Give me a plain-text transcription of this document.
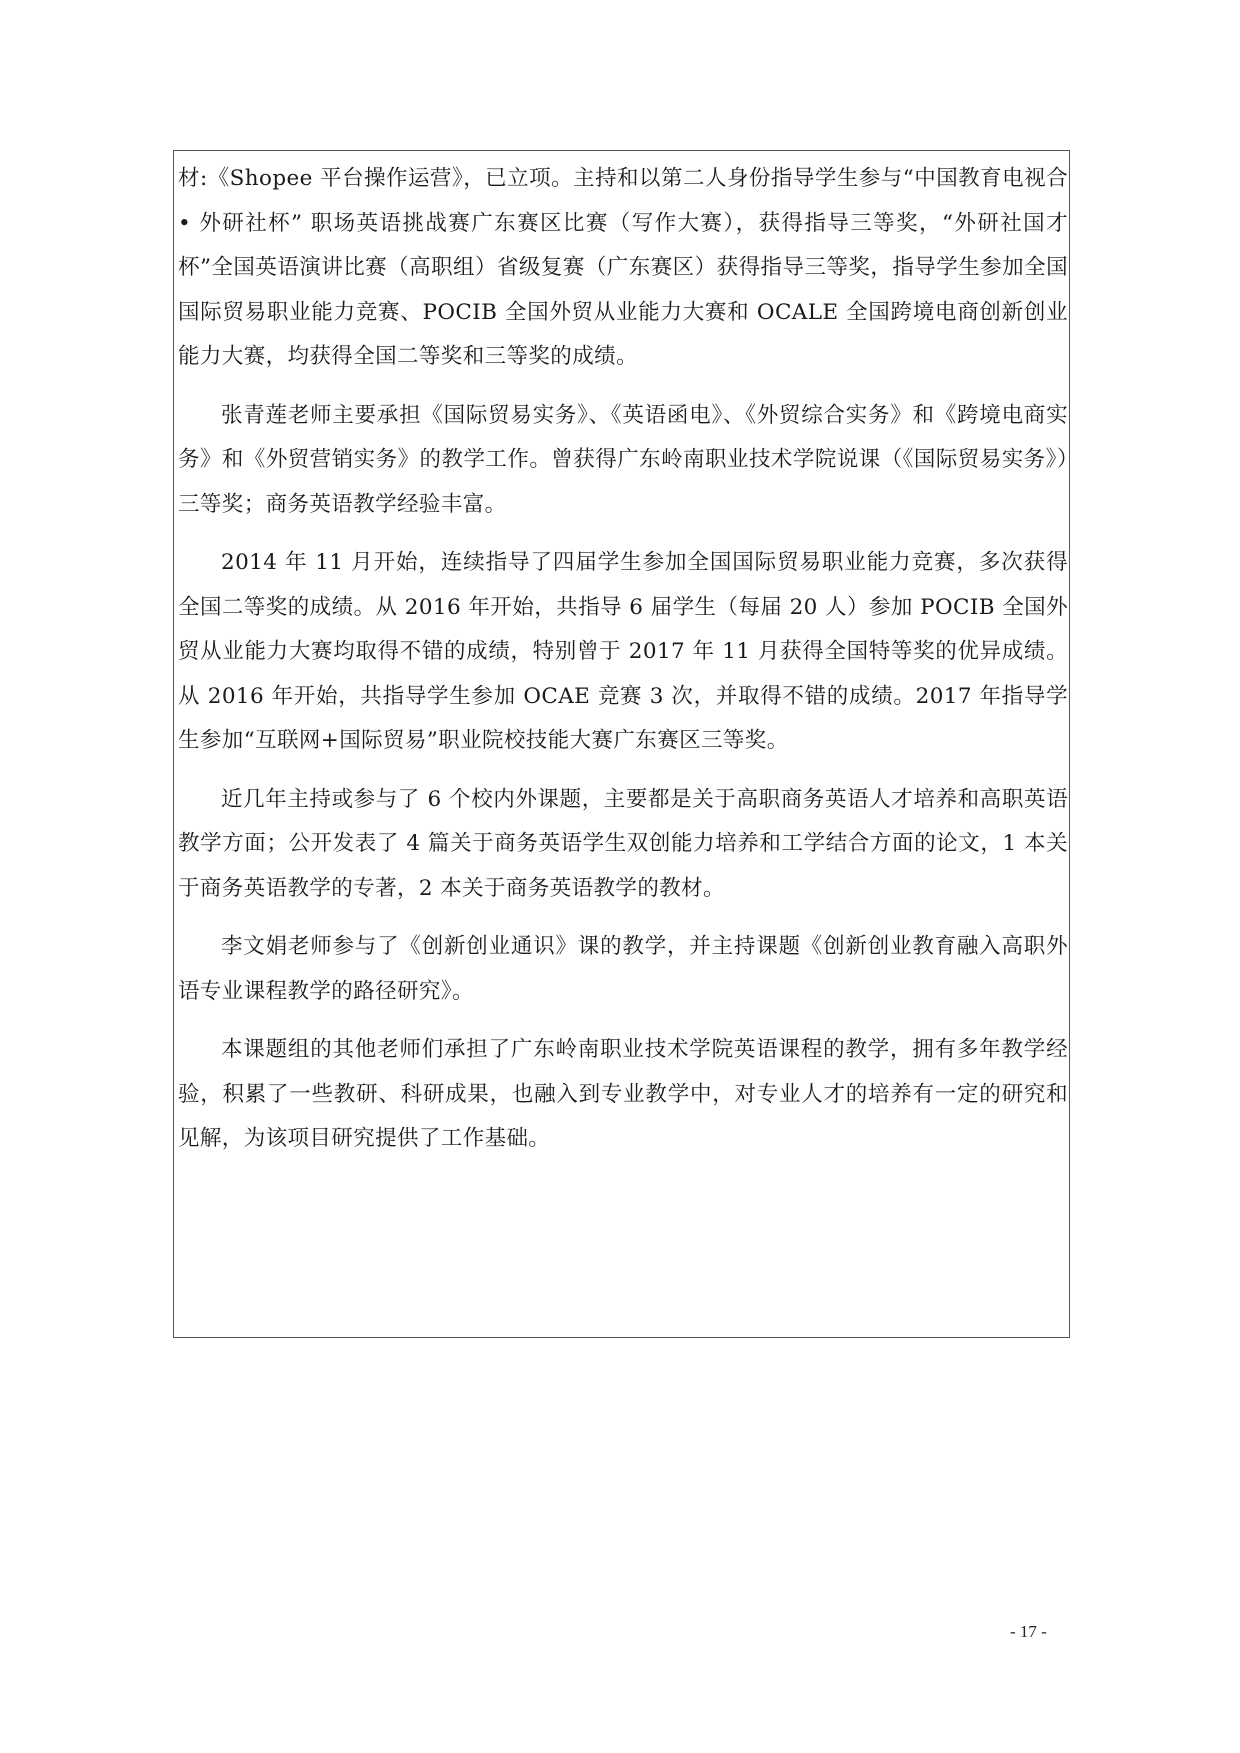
材:《Shopee 平台操作运营》，已立项。主持和以第二人身份指导学生参与“中国教育电视合• 外研社杯” 职场英语挑战赛广东赛区比赛（写作大赛），获得指导三等奖，“外研社国才杯”全国英语演讲比赛（高职组）省级复赛（广东赛区）获得指导三等奖，指导学生参加全国国际贸易职业能力竞赛、POCIB 全国外贸从业能力大赛和 OCALE 全国跨境电商创新创业能力大赛，均获得全国二等奖和三等奖的成绩。

张青莲老师主要承担《国际贸易实务》、《英语函电》、《外贸综合实务》和《跨境电商实务》和《外贸营销实务》的教学工作。曾获得广东岭南职业技术学院说课（《国际贸易实务》）三等奖；商务英语教学经验丰富。

2014 年 11 月开始，连续指导了四届学生参加全国国际贸易职业能力竞赛，多次获得全国二等奖的成绩。从 2016 年开始，共指导 6 届学生（每届 20 人）参加 POCIB 全国外贸从业能力大赛均取得不错的成绩，特别曾于 2017 年 11 月获得全国特等奖的优异成绩。从 2016 年开始，共指导学生参加 OCAE 竞赛 3 次，并取得不错的成绩。2017 年指导学生参加“互联网+国际贸易”职业院校技能大赛广东赛区三等奖。

近几年主持或参与了 6 个校内外课题，主要都是关于高职商务英语人才培养和高职英语教学方面；公开发表了 4 篇关于商务英语学生双创能力培养和工学结合方面的论文，1 本关于商务英语教学的专著，2 本关于商务英语教学的教材。

李文娟老师参与了《创新创业通识》课的教学，并主持课题《创新创业教育融入高职外语专业课程教学的路径研究》。

本课题组的其他老师们承担了广东岭南职业技术学院英语课程的教学，拥有多年教学经验，积累了一些教研、科研成果，也融入到专业教学中，对专业人才的培养有一定的研究和见解，为该项目研究提供了工作基础。

- 17 -
